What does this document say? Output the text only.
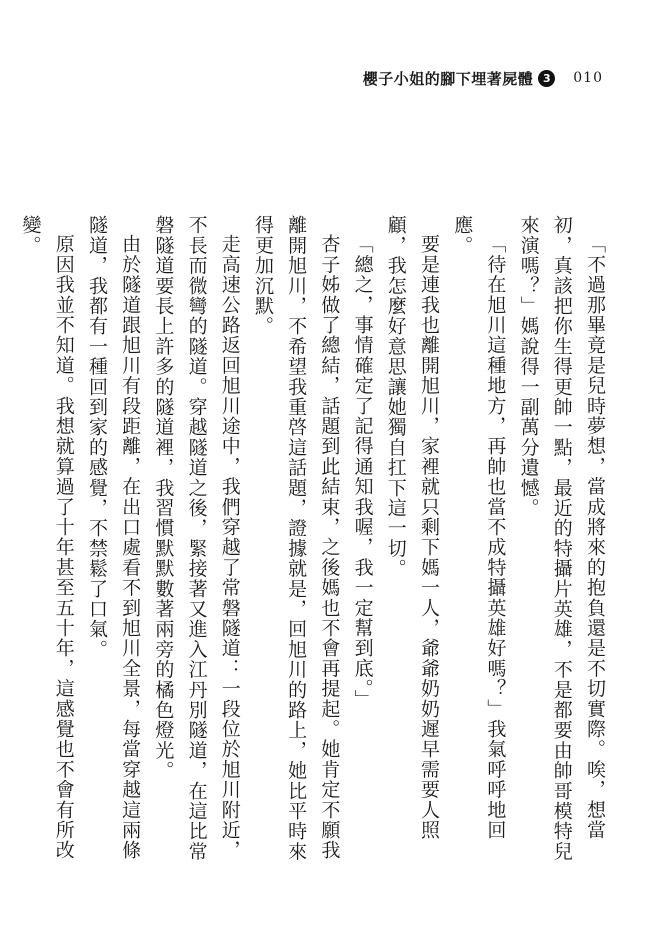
櫻子小姐的腳下埋著屍體 3	010

「不過那畢竟是兒時夢想，當成將來的抱負還是不切實際。唉，想當初，真該把你生得更帥一點，最近的特攝片英雄，不是都要由帥哥模特兒來演嗎？」媽說得一副萬分遺憾。

「待在旭川這種地方，再帥也當不成特攝英雄好嗎？」我氣呼呼地回應。

要是連我也離開旭川，家裡就只剩下媽一人，爺爺奶奶遲早需要人照顧，我怎麼好意思讓她獨自扛下這一切。

「總之，事情確定了記得通知我喔，我一定幫到底。」

杏子姊做了總結，話題到此結束，之後媽也不會再提起。她肯定不願我離開旭川，不希望我重啓這話題，證據就是，回旭川的路上，她比平時來得更加沉默。

走高速公路返回旭川途中，我們穿越了常磐隧道：一段位於旭川附近，不長而微彎的隧道。穿越隧道之後，緊接著又進入江丹別隧道，在這比常磐隧道要長上許多的隧道裡，我習慣默默數著兩旁的橘色燈光。

由於隧道跟旭川有段距離，在出口處看不到旭川全景，每當穿越這兩條隧道，我都有一種回到家的感覺，不禁鬆了口氣。

原因我並不知道。我想就算過了十年甚至五十年，這感覺也不會有所改變。
